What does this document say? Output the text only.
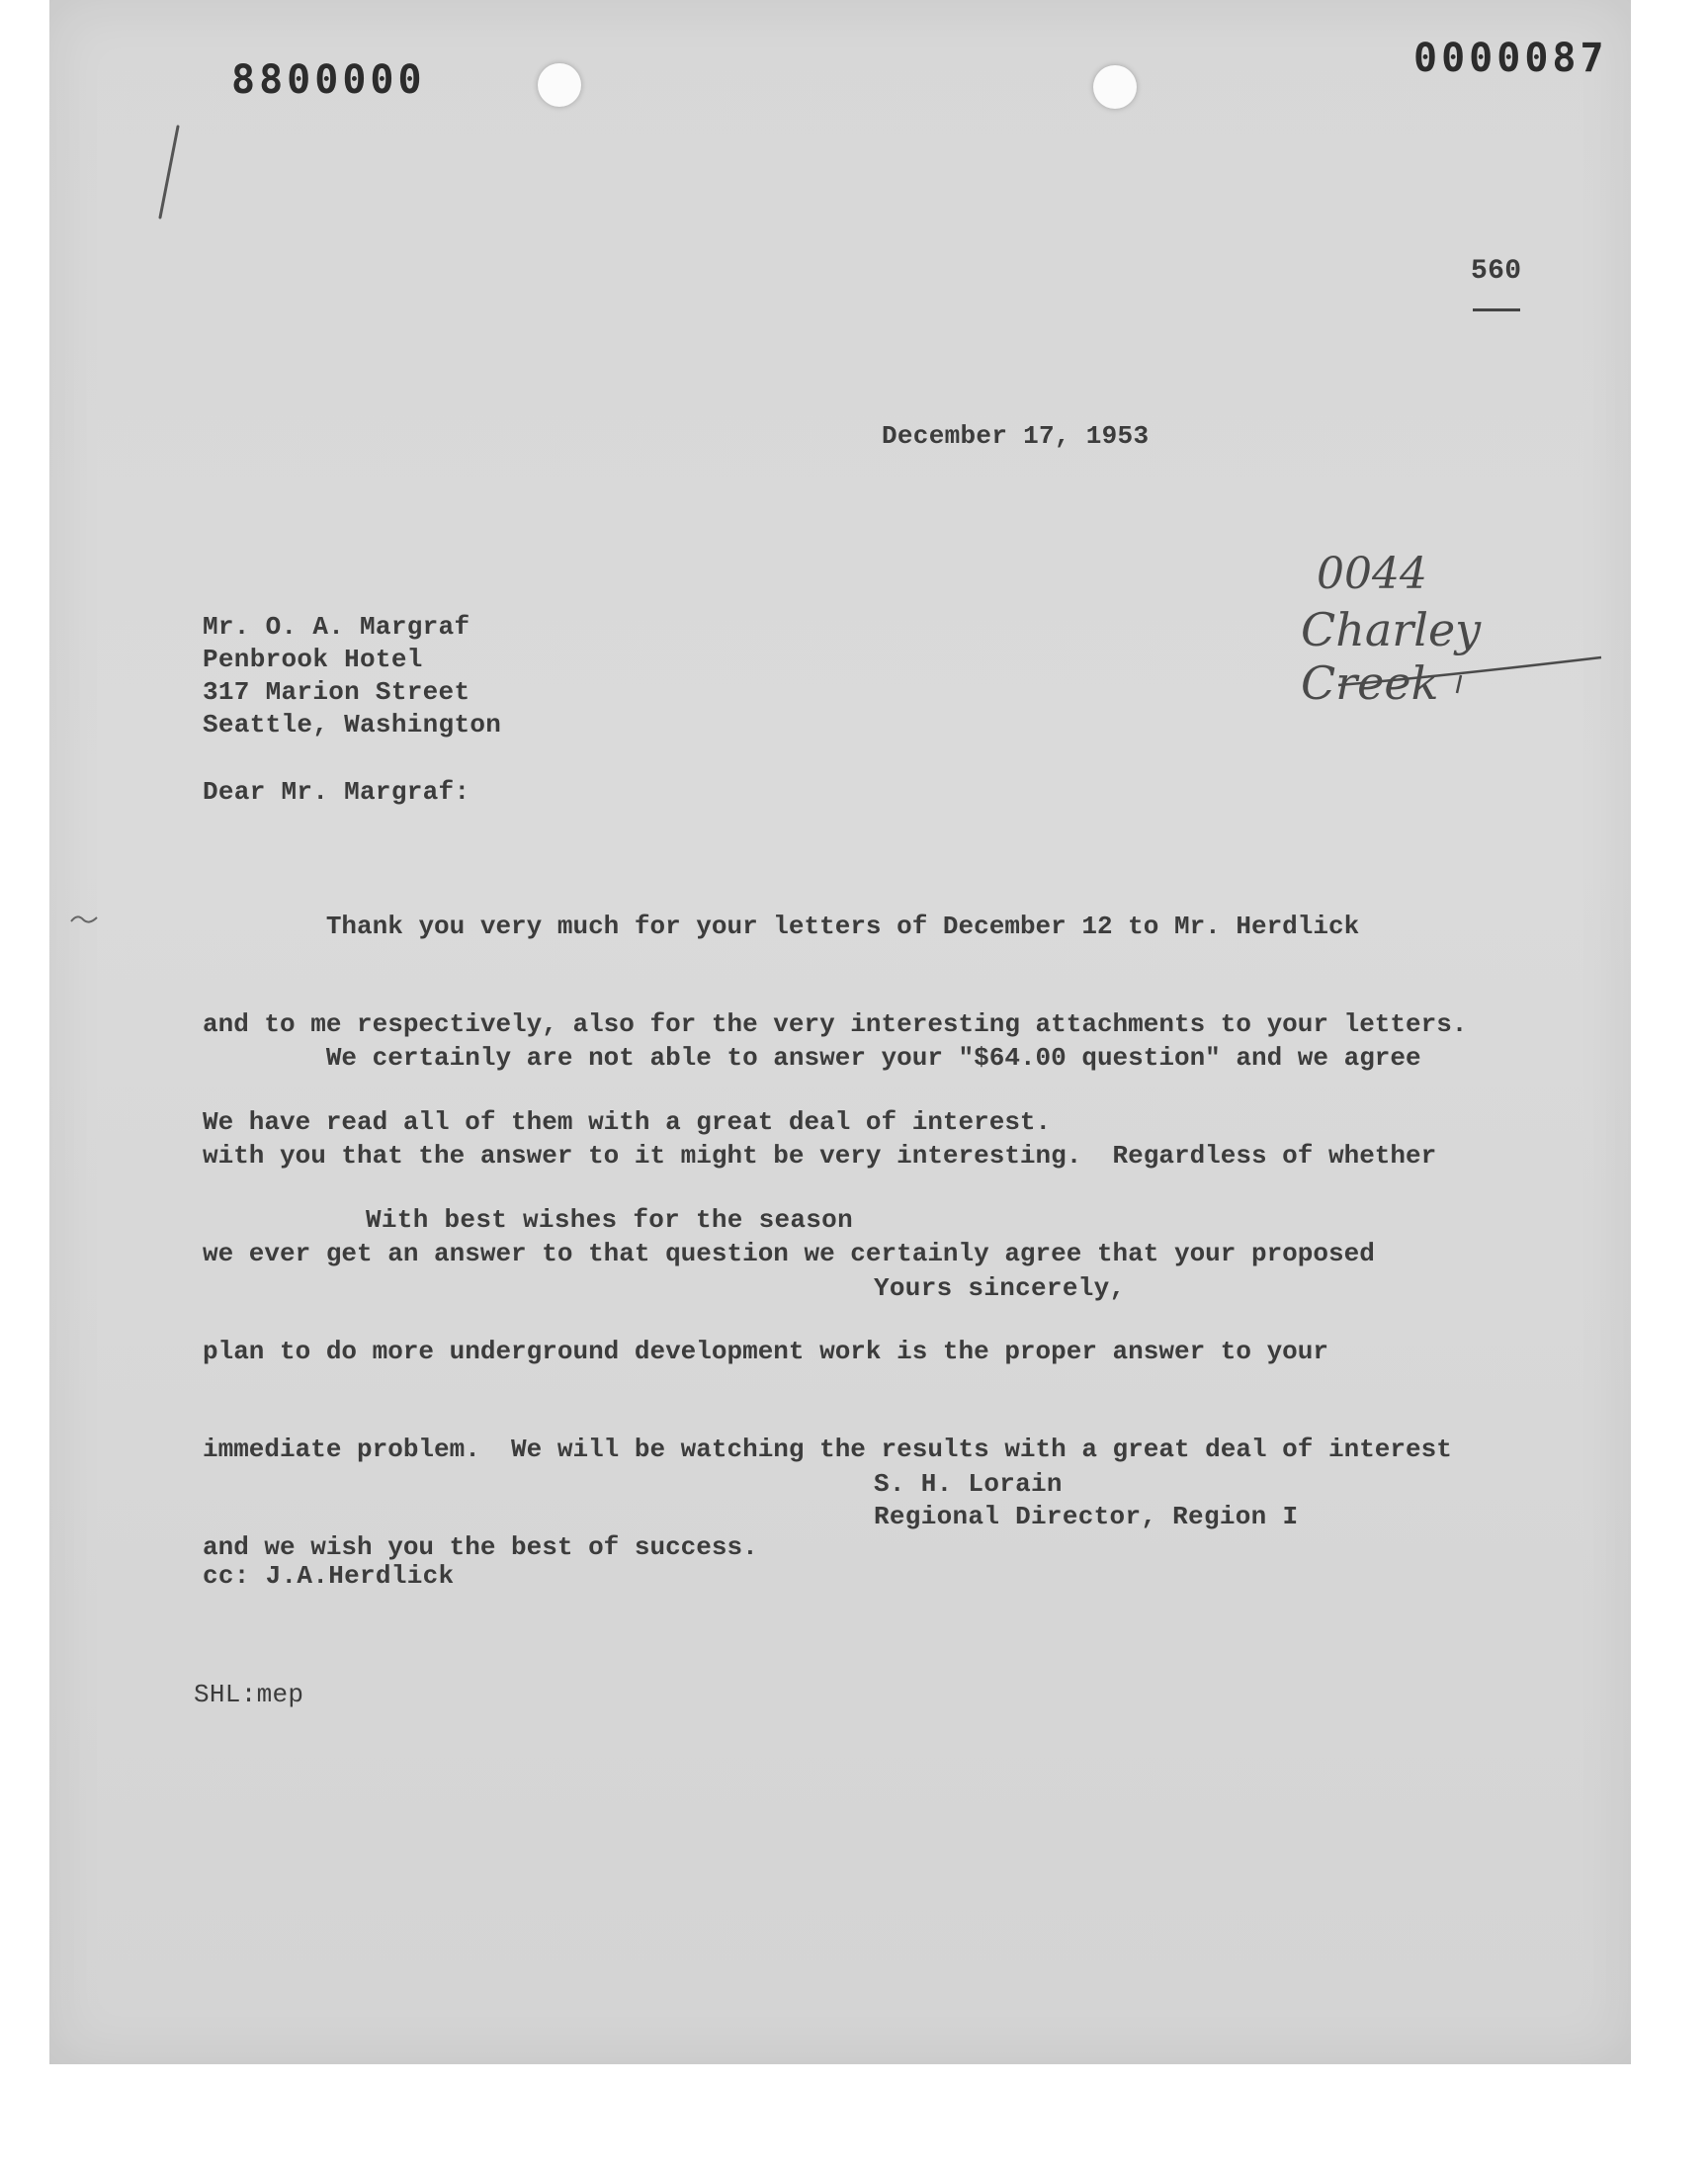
8800000	0000087
560
December 17, 1953
0044
Charley Creek
Mr. O. A. Margraf
Penbrook Hotel
317 Marion Street
Seattle, Washington
Dear Mr. Margraf:

Thank you very much for your letters of December 12 to Mr. Herdlick

and to me respectively, also for the very interesting attachments to your letters.

We have read all of them with a great deal of interest.

We certainly are not able to answer your "$64.00 question" and we agree

with you that the answer to it might be very interesting.  Regardless of whether

we ever get an answer to that question we certainly agree that your proposed

plan to do more underground development work is the proper answer to your

immediate problem.  We will be watching the results with a great deal of interest

and we wish you the best of success.

With best wishes for the season
Yours sincerely,
S. H. Lorain
Regional Director, Region I
cc: J.A.Herdlick
SHL:mep
